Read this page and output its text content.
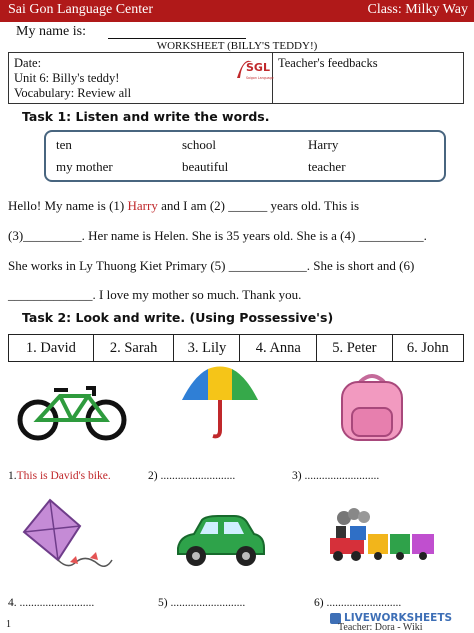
Sai Gon Language Center	Class: Milky Way
My name is:
WORKSHEET (BILLY'S TEDDY!)
Date:
Unit 6: Billy's teddy!
Vocabulary: Review all
SGL
Saigon Language
Teacher's feedbacks
Task 1: Listen and write the words.
ten	school	Harry
my mother	beautiful	teacher
Hello! My name is (1) Harry and I am (2) ______ years old. This is
(3)_________. Her name is Helen. She is 35 years old. She is a (4) __________.
She works in Ly Thuong Kiet Primary (5) ____________. She is short and (6)
_____________. I love my mother so much. Thank you.
Task 2: Look and write. (Using Possessive's)
1. David	2. Sarah	3. Lily	4. Anna	5. Peter	6. John
1.This is David's bike.	2) ..........................	3) ..........................
4. ..........................	5) ..........................	6) ..........................
1
LIVEWORKSHEETS
Teacher: Dora - Wiki
